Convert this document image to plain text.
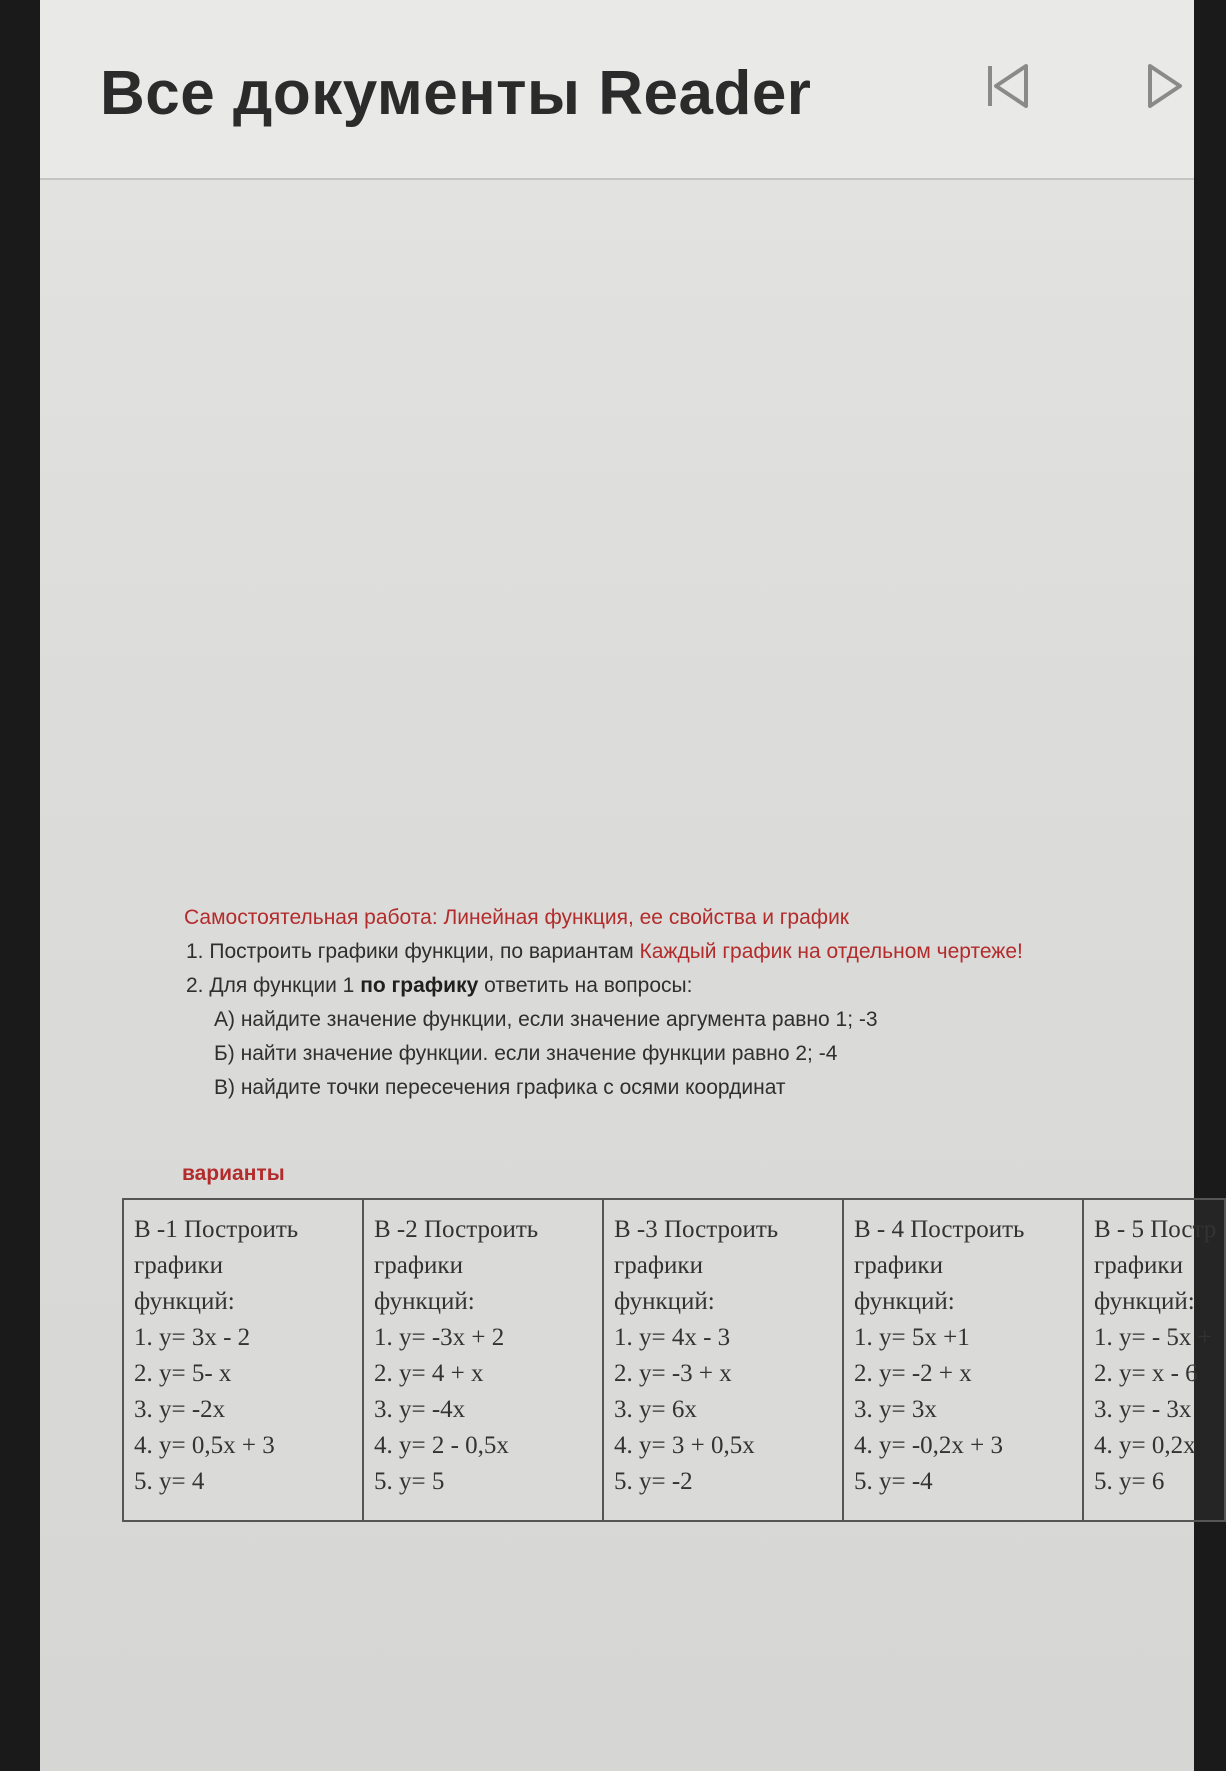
Все документы Reader
Самостоятельная работа: Линейная функция, ее свойства и график
1. Построить графики функции, по вариантам Каждый график на отдельном чертеже!
2. Для функции 1 по графику ответить на вопросы:
А) найдите значение функции, если значение аргумента равно 1; -3
Б) найти значение функции. если значение функции равно 2; -4
В) найдите точки пересечения графика с осями координат
варианты
В -1 Построить
графики
функций:
1. y= 3x - 2
2. y= 5- x
3. y= -2x
4. y= 0,5x + 3
5. y= 4
В -2 Построить
графики
функций:
1. y= -3x + 2
2. y= 4 + x
3. y= -4x
4. y= 2 - 0,5x
5. y= 5
В -3 Построить
графики
функций:
1. y= 4x - 3
2. y= -3 + x
3. y= 6x
4. y= 3 + 0,5x
5. y= -2
В - 4 Построить
графики
функций:
1. y= 5x +1
2. y= -2 + x
3. y= 3x
4. y= -0,2x + 3
5. y= -4
В - 5 Постр
графики
функций:
1. y= - 5x +
2. y= x - 6
3. y= - 3x
4. y= 0,2x
5. y= 6
